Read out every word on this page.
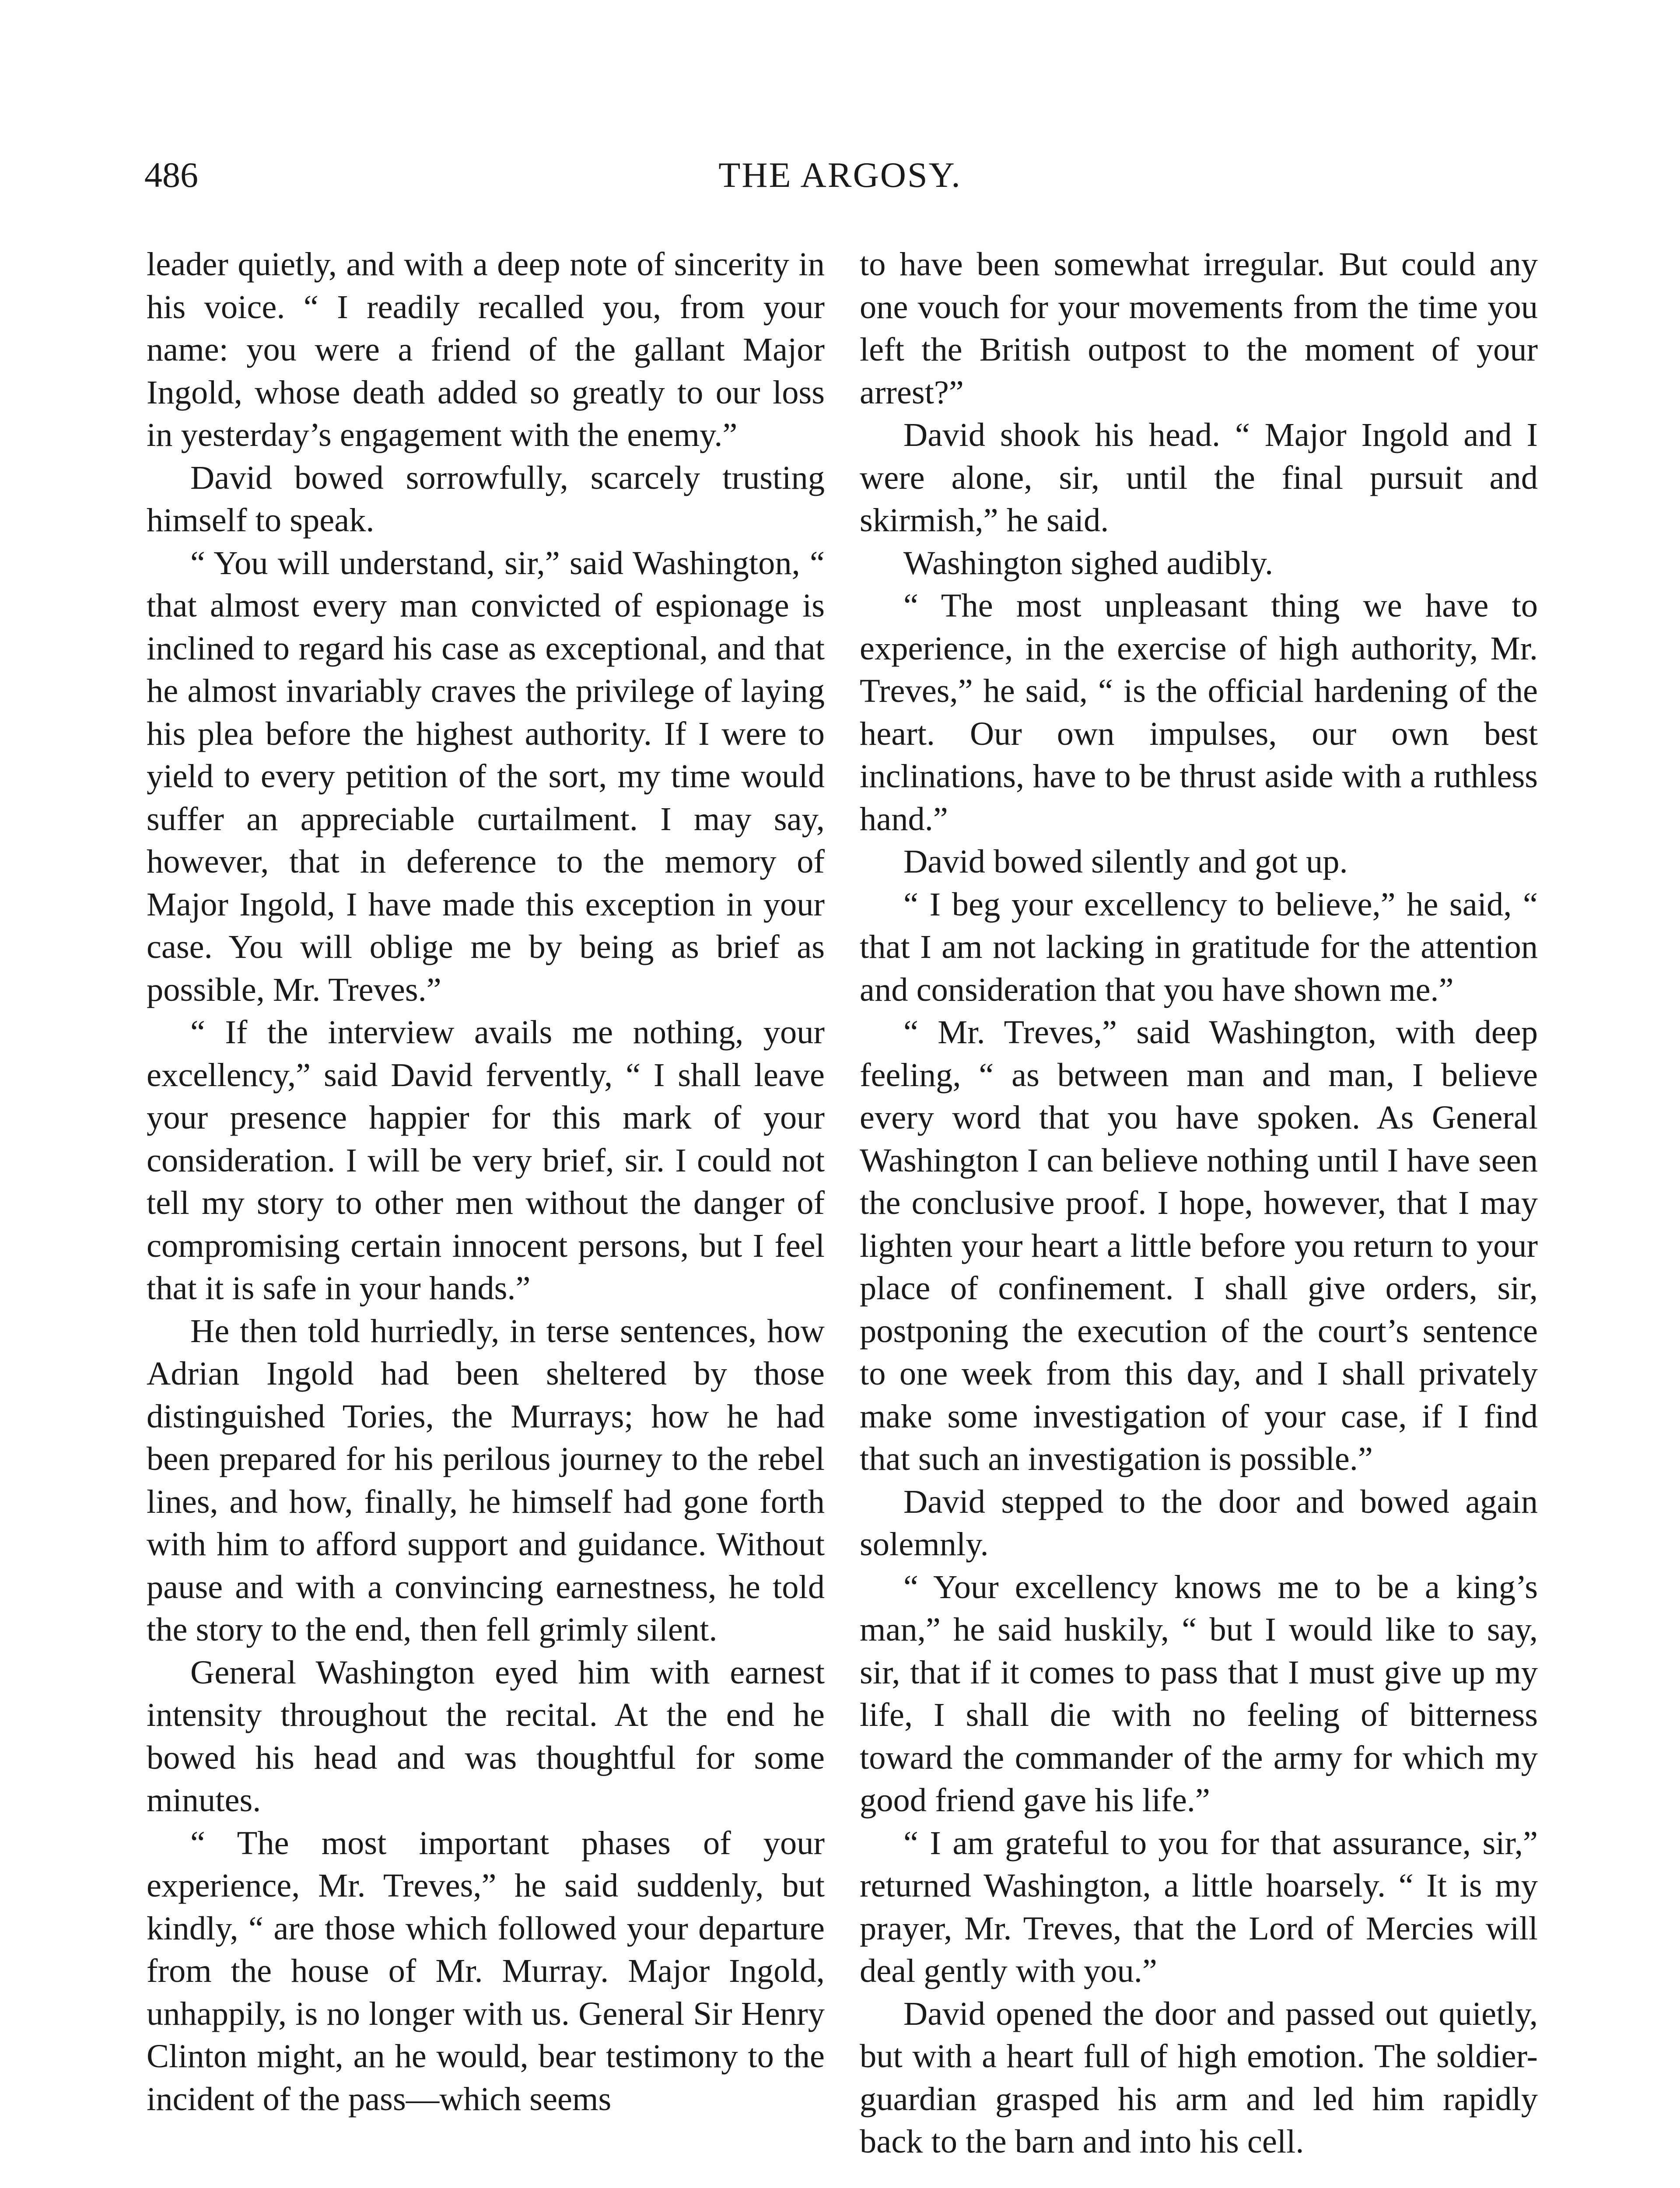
486	THE ARGOSY.

leader quietly, and with a deep note of sincerity in his voice. “ I readily recalled you, from your name: you were a friend of the gallant Major Ingold, whose death added so greatly to our loss in yesterday’s engagement with the enemy.”

David bowed sorrowfully, scarcely trusting himself to speak.

“ You will understand, sir,” said Washington, “ that almost every man convicted of espionage is inclined to regard his case as exceptional, and that he almost invariably craves the privilege of laying his plea before the highest authority. If I were to yield to every petition of the sort, my time would suffer an appreciable curtailment. I may say, however, that in deference to the memory of Major Ingold, I have made this exception in your case. You will oblige me by being as brief as possible, Mr. Treves.”

“ If the interview avails me nothing, your excellency,” said David fervently, “ I shall leave your presence happier for this mark of your consideration. I will be very brief, sir. I could not tell my story to other men without the danger of compromising certain innocent persons, but I feel that it is safe in your hands.”

He then told hurriedly, in terse sentences, how Adrian Ingold had been sheltered by those distinguished Tories, the Murrays; how he had been prepared for his perilous journey to the rebel lines, and how, finally, he himself had gone forth with him to afford support and guidance. Without pause and with a convincing earnestness, he told the story to the end, then fell grimly silent.

General Washington eyed him with earnest intensity throughout the recital. At the end he bowed his head and was thoughtful for some minutes.

“ The most important phases of your experience, Mr. Treves,” he said suddenly, but kindly, “ are those which followed your departure from the house of Mr. Murray. Major Ingold, unhappily, is no longer with us. General Sir Henry Clinton might, an he would, bear testimony to the incident of the pass—which seems

to have been somewhat irregular. But could any one vouch for your movements from the time you left the British outpost to the moment of your arrest?”

David shook his head. “ Major Ingold and I were alone, sir, until the final pursuit and skirmish,” he said.

Washington sighed audibly.

“ The most unpleasant thing we have to experience, in the exercise of high authority, Mr. Treves,” he said, “ is the official hardening of the heart. Our own impulses, our own best inclinations, have to be thrust aside with a ruthless hand.”

David bowed silently and got up.

“ I beg your excellency to believe,” he said, “ that I am not lacking in gratitude for the attention and consideration that you have shown me.”

“ Mr. Treves,” said Washington, with deep feeling, “ as between man and man, I believe every word that you have spoken. As General Washington I can believe nothing until I have seen the conclusive proof. I hope, however, that I may lighten your heart a little before you return to your place of confinement. I shall give orders, sir, postponing the execution of the court’s sentence to one week from this day, and I shall privately make some investigation of your case, if I find that such an investigation is possible.”

David stepped to the door and bowed again solemnly.

“ Your excellency knows me to be a king’s man,” he said huskily, “ but I would like to say, sir, that if it comes to pass that I must give up my life, I shall die with no feeling of bitterness toward the commander of the army for which my good friend gave his life.”

“ I am grateful to you for that assurance, sir,” returned Washington, a little hoarsely. “ It is my prayer, Mr. Treves, that the Lord of Mercies will deal gently with you.”

David opened the door and passed out quietly, but with a heart full of high emotion. The soldier-guardian grasped his arm and led him rapidly back to the barn and into his cell.
